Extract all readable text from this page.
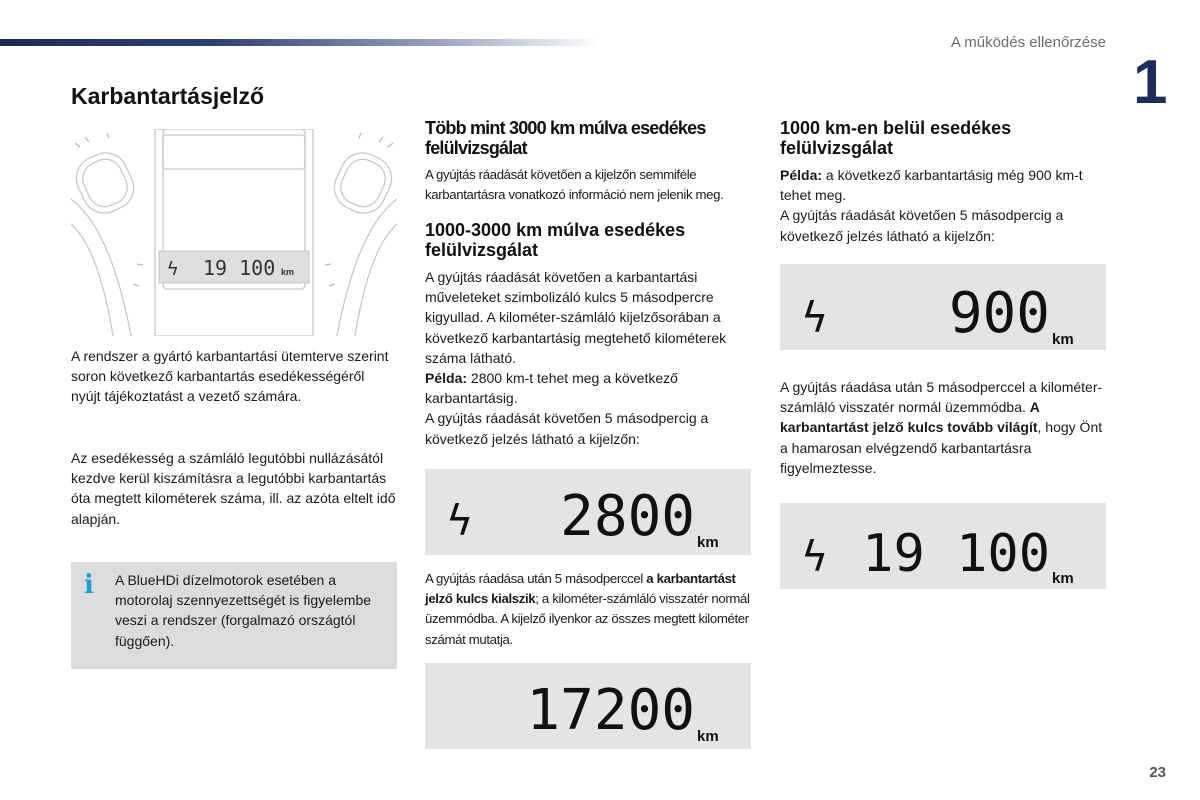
A működés ellenőrzése
1
Karbantartásjelző
ϟ 19 100 km

A rendszer a gyártó karbantartási ütemterve szerint soron következő karbantartás esedékességéről nyújt tájékoztatást a vezető számára.

Az esedékesség a számláló legutóbbi nullázásától kezdve kerül kiszámításra a legutóbbi karbantartás óta megtett kilométerek száma, ill. az azóta eltelt idő alapján.

i A BlueHDi dízelmotorok esetében a motorolaj szennyezettségét is figyelembe veszi a rendszer (forgalmazó országtól függően).

Több mint 3000 km múlva esedékes felülvizsgálat

A gyújtás ráadását követően a kijelzőn semmiféle karbantartásra vonatkozó információ nem jelenik meg.

1000-3000 km múlva esedékes felülvizsgálat

A gyújtás ráadását követően a karbantartási műveleteket szimbolizáló kulcs 5 másodpercre kigyullad. A kilométer-számláló kijelzősorában a következő karbantartásig megtehető kilométerek száma látható.
Példa: 2800 km-t tehet meg a következő karbantartásig.
A gyújtás ráadását követően 5 másodpercig a következő jelzés látható a kijelzőn:

ϟ 2800 km

A gyújtás ráadása után 5 másodperccel a karbantartást jelző kulcs kialszik; a kilométer-számláló visszatér normál üzemmódba. A kijelző ilyenkor az összes megtett kilométer számát mutatja.

17200 km
1000 km-en belül esedékes felülvizsgálat

Példa: a következő karbantartásig még 900 km-t tehet meg.
A gyújtás ráadását követően 5 másodpercig a következő jelzés látható a kijelzőn:

ϟ 900 km

A gyújtás ráadása után 5 másodperccel a kilométer-számláló visszatér normál üzemmódba. A karbantartást jelző kulcs tovább világít, hogy Önt a hamarosan elvégzendő karbantartásra figyelmeztesse.

ϟ 19 100 km
23
